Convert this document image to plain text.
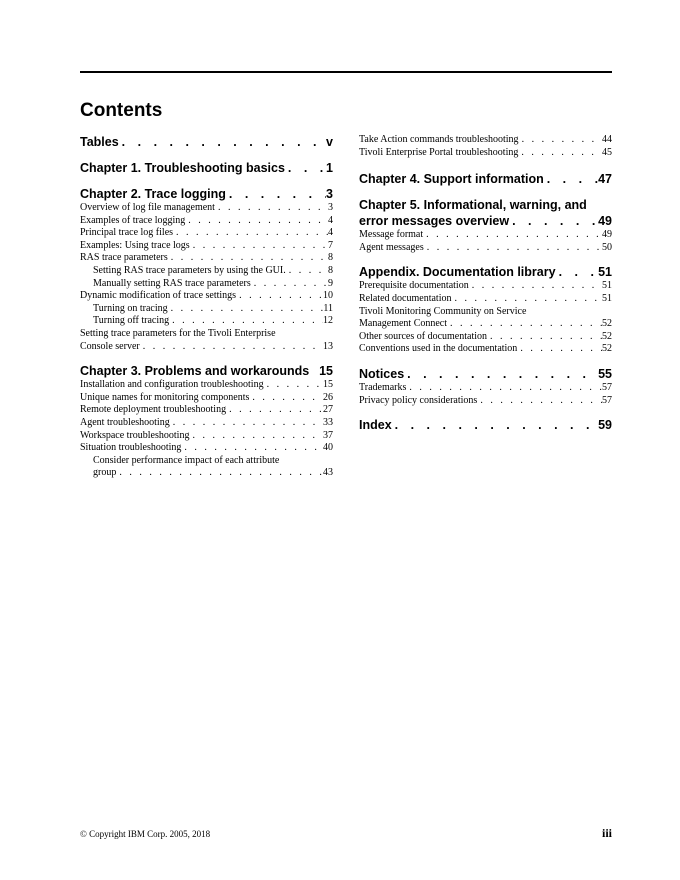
Contents
Tables . . .	v
Chapter 1. Troubleshooting basics . . .	1
Chapter 2. Trace logging . . .	3
Overview of log file management . . .	3
Examples of trace logging . . .	4
Principal trace log files . . .	4
Examples: Using trace logs . . .	7
RAS trace parameters . . .	8
Setting RAS trace parameters by using the GUI. . . .	8
Manually setting RAS trace parameters . . .	9
Dynamic modification of trace settings . . .	10
Turning on tracing . . .	11
Turning off tracing . . .	12
Setting trace parameters for the Tivoli Enterprise
Console server . . .	13
Chapter 3. Problems and workarounds 15
Installation and configuration troubleshooting . . .	15
Unique names for monitoring components . . .	26
Remote deployment troubleshooting . . .	27
Agent troubleshooting . . .	33
Workspace troubleshooting . . .	37
Situation troubleshooting . . .	40
Consider performance impact of each attribute
group . . .	43
Take Action commands troubleshooting . . .	44
Tivoli Enterprise Portal troubleshooting . . .	45
Chapter 4. Support information . . .	47
Chapter 5. Informational, warning, and
error messages overview . . .	49
Message format . . .	49
Agent messages . . .	50
Appendix. Documentation library . . .	51
Prerequisite documentation . . .	51
Related documentation . . .	51
Tivoli Monitoring Community on Service
Management Connect . . .	52
Other sources of documentation . . .	52
Conventions used in the documentation . . .	52
Notices . . .	55
Trademarks . . .	57
Privacy policy considerations . . .	57
Index . . .	59
© Copyright IBM Corp. 2005, 2018	iii
